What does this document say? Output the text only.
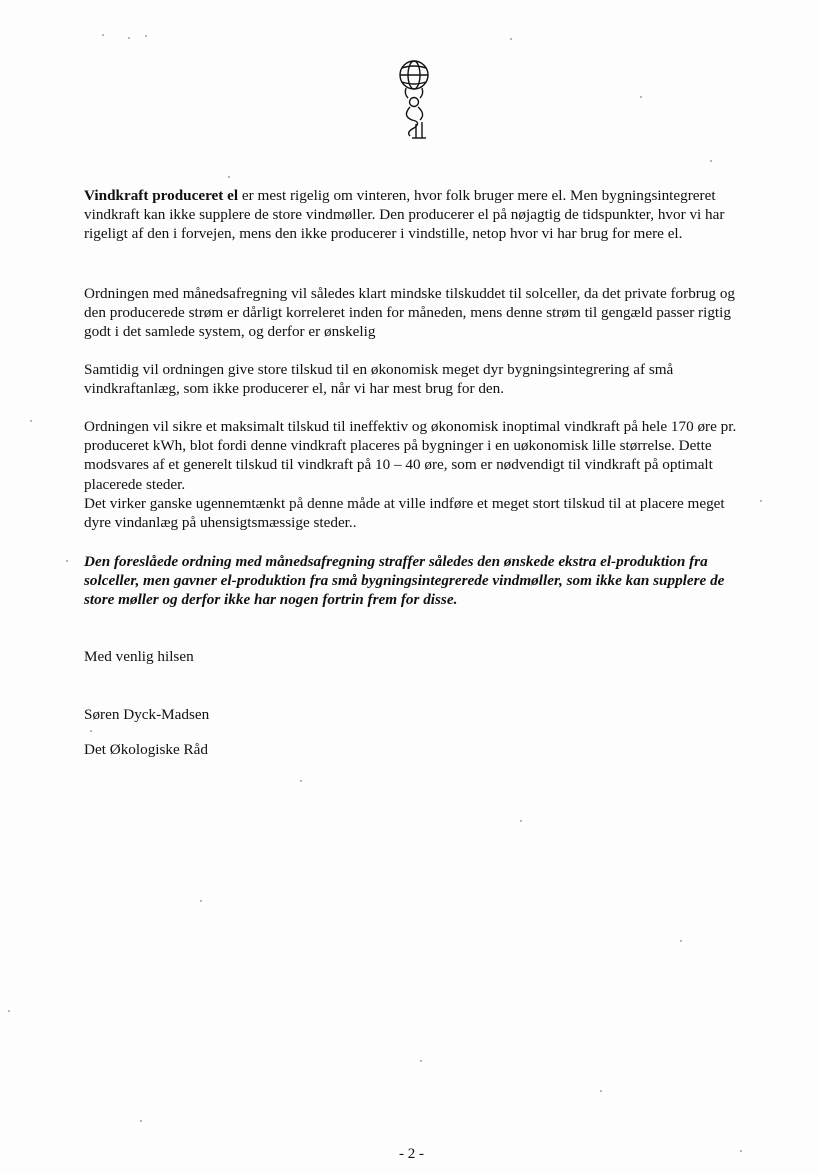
Vindkraft produceret el er mest rigelig om vinteren, hvor folk bruger mere el. Men bygningsintegreret vindkraft kan ikke supplere de store vindmøller. Den producerer el på nøjagtig de tidspunkter, hvor vi har rigeligt af den i forvejen, mens den ikke producerer i vindstille, netop hvor vi har brug for mere el.

Ordningen med månedsafregning vil således klart mindske tilskuddet til solceller, da det private forbrug og den producerede strøm er dårligt korreleret inden for måneden, mens denne strøm til gengæld passer rigtig godt i det samlede system, og derfor er ønskelig

Samtidig vil ordningen give store tilskud til en økonomisk meget dyr bygningsintegrering af små vindkraftanlæg, som ikke producerer el, når vi har mest brug for den.

Ordningen vil sikre et maksimalt tilskud til ineffektiv og økonomisk inoptimal vindkraft på hele 170 øre pr. produceret kWh, blot fordi denne vindkraft placeres på bygninger i en uøkonomisk lille størrelse. Dette modsvares af et generelt tilskud til vindkraft på 10 – 40 øre, som er nødvendigt til vindkraft på optimalt placerede steder.

Det virker ganske ugennemtænkt på denne måde at ville indføre et meget stort tilskud til at placere meget dyre vindanlæg på uhensigtsmæssige steder..

Den foreslåede ordning med månedsafregning straffer således den ønskede ekstra el-produktion fra solceller, men gavner el-produktion fra små bygningsintegrerede vindmøller, som ikke kan supplere de store møller og derfor ikke har nogen fortrin frem for disse.

Med venlig hilsen

Søren Dyck-Madsen

Det Økologiske Råd

- 2 -
